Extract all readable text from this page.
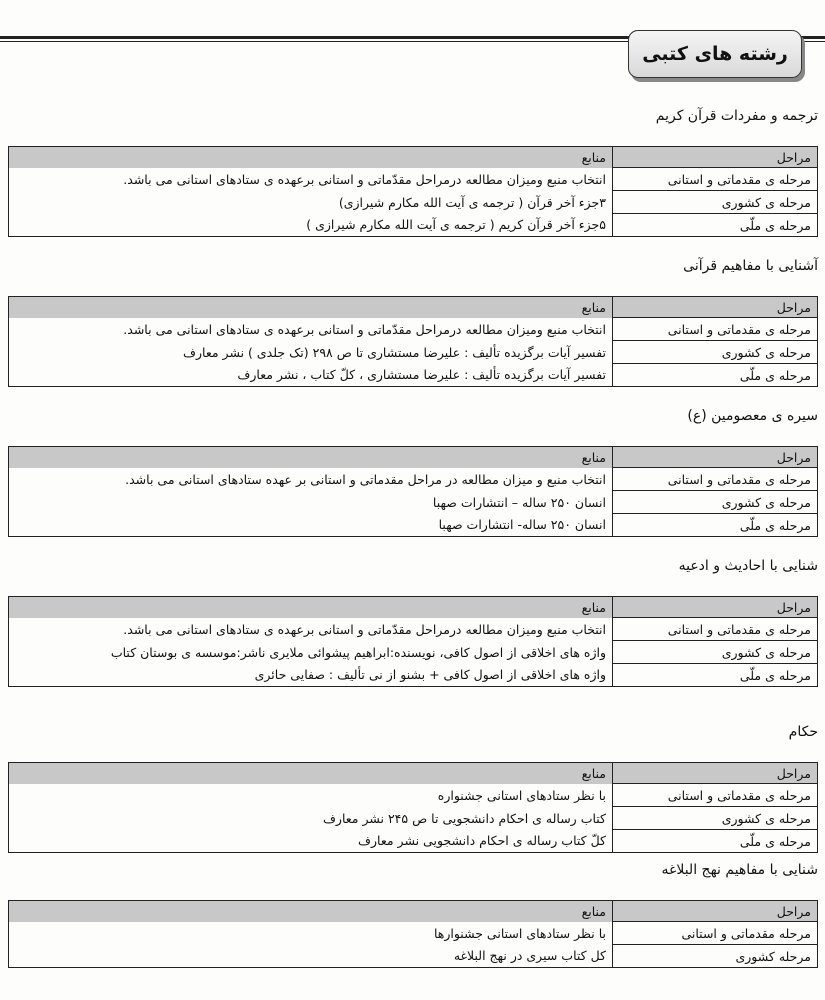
رشته های کتبی
ترجمه و مفردات قرآن کریم
مراحل	منابع
مرحله ی مقدماتی و استانی	انتخاب منبع ومیزان مطالعه درمراحل مقدّماتی و استانی برعهده ی ستادهای استانی می باشد.
مرحله ی کشوری	۳جزء آخر قرآن ( ترجمه ی آیت الله مکارم شیرازی)
مرحله ی ملّی	۵جزء آخر قرآن کریم ( ترجمه ی آیت الله مکارم شیرازی )
آشنایی با مفاهیم قرآنی
مراحل	منابع
مرحله ی مقدماتی و استانی	انتخاب منبع ومیزان مطالعه درمراحل مقدّماتی و استانی برعهده ی ستادهای استانی می باشد.
مرحله ی کشوری	تفسیر آیات برگزیده تألیف : علیرضا مستشاری تا ص ۲۹۸ (تک جلدی ) نشر معارف
مرحله ی ملّی	تفسیر آیات برگزیده تألیف : علیرضا مستشاری ، کلّ کتاب ، نشر معارف
سیره ی معصومین (ع)
مراحل	منابع
مرحله ی مقدماتی و استانی	انتخاب منبع و میزان مطالعه در مراحل مقدماتی و استانی بر عهده ستادهای استانی می باشد.
مرحله ی کشوری	انسان ۲۵۰ ساله – انتشارات صهبا
مرحله ی ملّی	انسان ۲۵۰ ساله- انتشارات صهبا
شنایی با احادیث و ادعیه
مراحل	منابع
مرحله ی مقدماتی و استانی	انتخاب منبع ومیزان مطالعه درمراحل مقدّماتی و استانی برعهده ی ستادهای استانی می باشد.
مرحله ی کشوری	واژه های اخلاقی از اصول کافی، نویسنده:ابراهیم پیشوائی ملایری ناشر:موسسه ی بوستان کتاب
مرحله ی ملّی	واژه های اخلاقی از اصول کافی + بشنو از نی تألیف : صفایی حائری
حکام
مراحل	منابع
مرحله ی مقدماتی و استانی	با نظر ستادهای استانی جشنواره
مرحله ی کشوری	کتاب رساله ی احکام دانشجویی تا ص ۲۴۵ نشر معارف
مرحله ی ملّی	کلّ کتاب رساله ی احکام دانشجویی نشر معارف
شنایی با مفاهیم نهج البلاغه
مراحل	منابع
مرحله مقدماتی و استانی	با نظر ستادهای استانی جشنوارها
مرحله کشوری	کل کتاب سیری در نهج البلاغه
